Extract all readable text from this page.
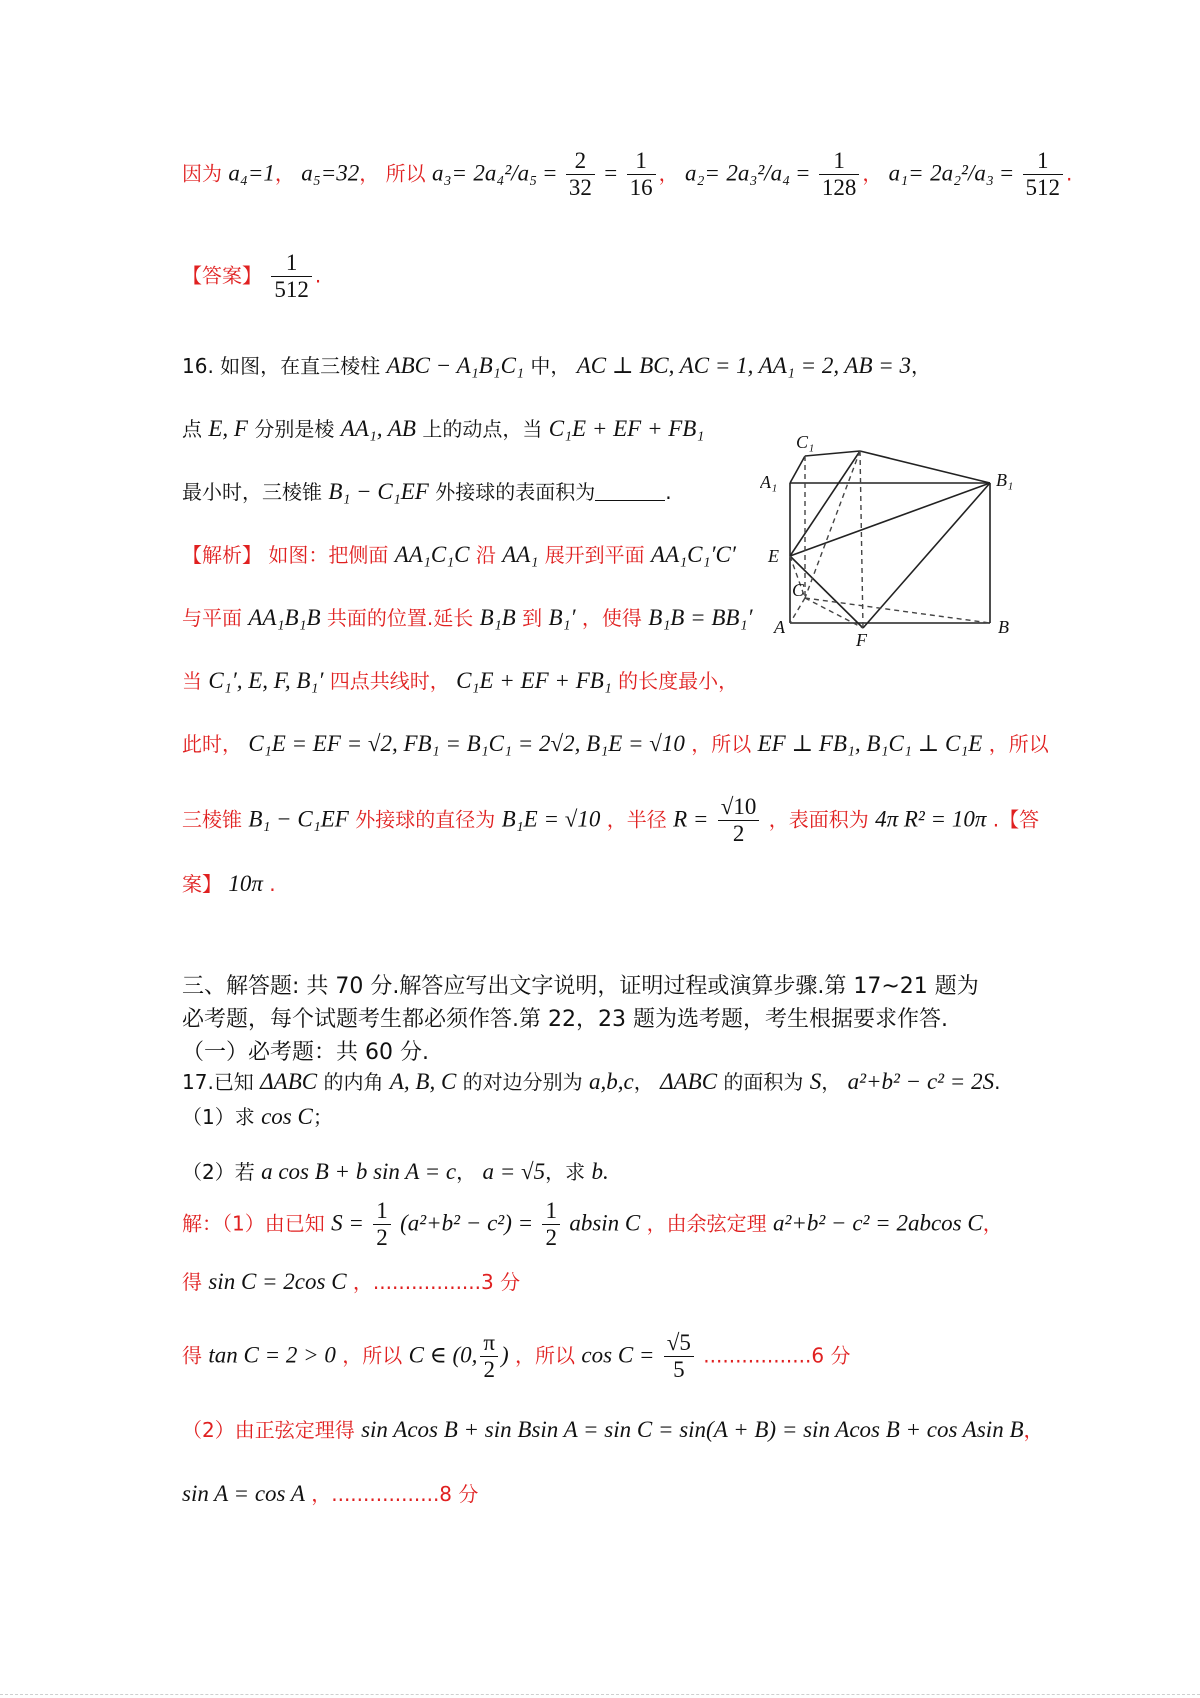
因为 a₄=1， a₅=32， 所以 $a_3= 2a_4^2/a_5 = \frac{2}{32} = \frac{1}{16}$ ， $a_2= 2a_3^2/a_4 = \frac{1}{128}$ ， $a_1= 2a_2^2/a_3 = \frac{1}{512}$ .
【答案】 $\frac{1}{512}$ .
16. 如图，在直三棱柱 ABC − A₁B₁C₁ 中， AC ⊥ BC, AC = 1, AA₁ = 2, AB = 3，
点 E, F 分别是棱 AA₁, AB 上的动点，当 C₁E + EF + FB₁
最小时，三棱锥 B₁ − C₁EF 外接球的表面积为	.
【解析】 如图：把侧面 AA₁C₁C 沿 AA₁ 展开到平面 AA₁C₁′C′
与平面 AA₁B₁B 共面的位置.延长 B₁B 到 B₁′ ，使得 B₁B = BB₁′
当 C₁′, E, F, B₁′ 四点共线时， C₁E + EF + FB₁ 的长度最小，
此时， C₁E = EF = √2, FB₁ = B₁C₁ = 2√2, B₁E = √10 ，所以 EF ⊥ FB₁, B₁C₁ ⊥ C₁E ，所以
三棱锥 B₁ − C₁EF 外接球的直径为 B₁E = √10 ，半径 $R = \frac{√10}{2}$ ，表面积为 4π R² = 10π .【答
案】 10π .
C₁
A₁	B₁
E
C
A
F
B
三、解答题: 共 70 分.解答应写出文字说明，证明过程或演算步骤.第 17~21 题为
必考题，每个试题考生都必须作答.第 22，23 题为选考题，考生根据要求作答.
（一）必考题：共 60 分.
17.已知 ΔABC 的内角 A, B, C 的对边分别为 a,b,c， ΔABC 的面积为 S， a²+b² − c² = 2S.
（1）求 cos C；
（2）若 a cos B + b sin A = c， a = √5，求 b.
解：（1）由已知 $S = \frac{1}{2} (a^2+b^2 - c^2) = \frac{1}{2}$ absin C ，由余弦定理 a²+b² − c² = 2abcos C，
得 sin C = 2cos C ，.................3 分
得 tan C = 2 > 0 ，所以 C ∈ (0, $\frac{\pi}{2}$ ) ，所以 $\cos C = \frac{√5}{5} .................6$ 分
（2）由正弦定理得 sin Acos B + sin Bsin A = sin C = sin(A + B) = sin Acos B + cos Asin B，
sin A = cos A ，.................8 分
